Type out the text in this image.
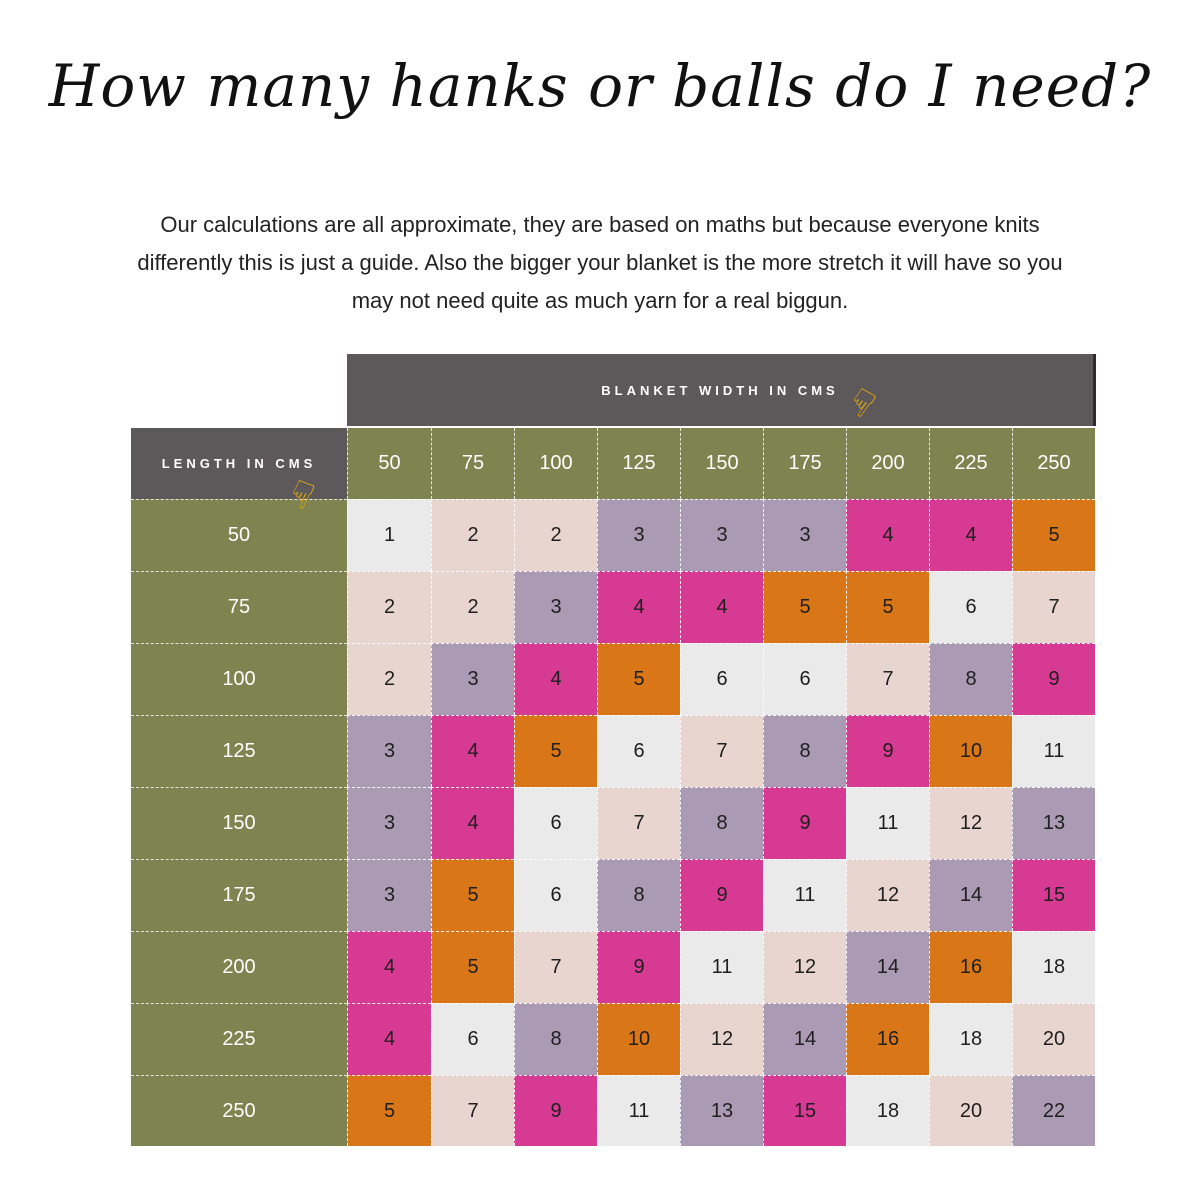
How many hanks or balls do I need?
Our calculations are all approximate, they are based on maths but because everyone knits differently this is just a guide. Also the bigger your blanket is the more stretch it will have so you may not need quite as much yarn for a real biggun.
BLANKET WIDTH IN CMS
LENGTH IN CMS	50	75	100	125	150	175	200	225	250
50	1	2	2	3	3	3	4	4	5
75	2	2	3	4	4	5	5	6	7
100	2	3	4	5	6	6	7	8	9
125	3	4	5	6	7	8	9	10	11
150	3	4	6	7	8	9	11	12	13
175	3	5	6	8	9	11	12	14	15
200	4	5	7	9	11	12	14	16	18
225	4	6	8	10	12	14	16	18	20
250	5	7	9	11	13	15	18	20	22
☟
☟
